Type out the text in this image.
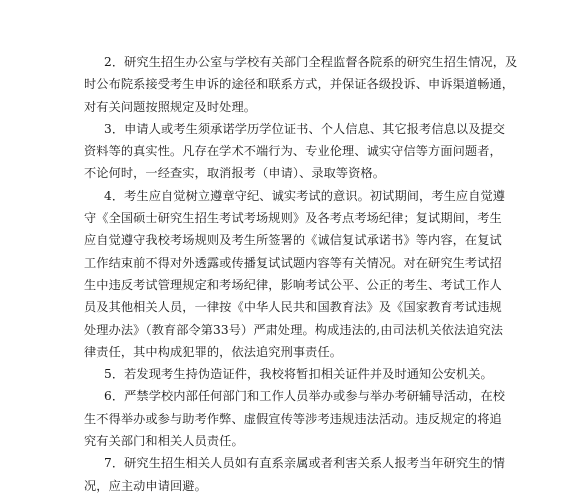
2．研究生招生办公室与学校有关部门全程监督各院系的研究生招生情况，及
时公布院系接受考生申诉的途径和联系方式，并保证各级投诉、申诉渠道畅通，
对有关问题按照规定及时处理。
3．申请人或考生须承诺学历学位证书、个人信息、其它报考信息以及提交
资料等的真实性。凡存在学术不端行为、专业伦理、诚实守信等方面问题者，
不论何时，一经查实，取消报考（申请）、录取等资格。
4．考生应自觉树立遵章守纪、诚实考试的意识。初试期间，考生应自觉遵
守《全国硕士研究生招生考试考场规则》及各考点考场纪律；复试期间，考生
应自觉遵守我校考场规则及考生所签署的《诚信复试承诺书》等内容，在复试
工作结束前不得对外透露或传播复试试题内容等有关情况。对在研究生考试招
生中违反考试管理规定和考场纪律，影响考试公平、公正的考生、考试工作人
员及其他相关人员，一律按《中华人民共和国教育法》及《国家教育考试违规
处理办法》（教育部令第33号）严肃处理。构成违法的,由司法机关依法追究法
律责任，其中构成犯罪的，依法追究刑事责任。
5．若发现考生持伪造证件，我校将暂扣相关证件并及时通知公安机关。
6．严禁学校内部任何部门和工作人员举办或参与举办考研辅导活动，在校
生不得举办或参与助考作弊、虚假宣传等涉考违规违法活动。违反规定的将追
究有关部门和相关人员责任。
7．研究生招生相关人员如有直系亲属或者利害关系人报考当年研究生的情
况，应主动申请回避。
